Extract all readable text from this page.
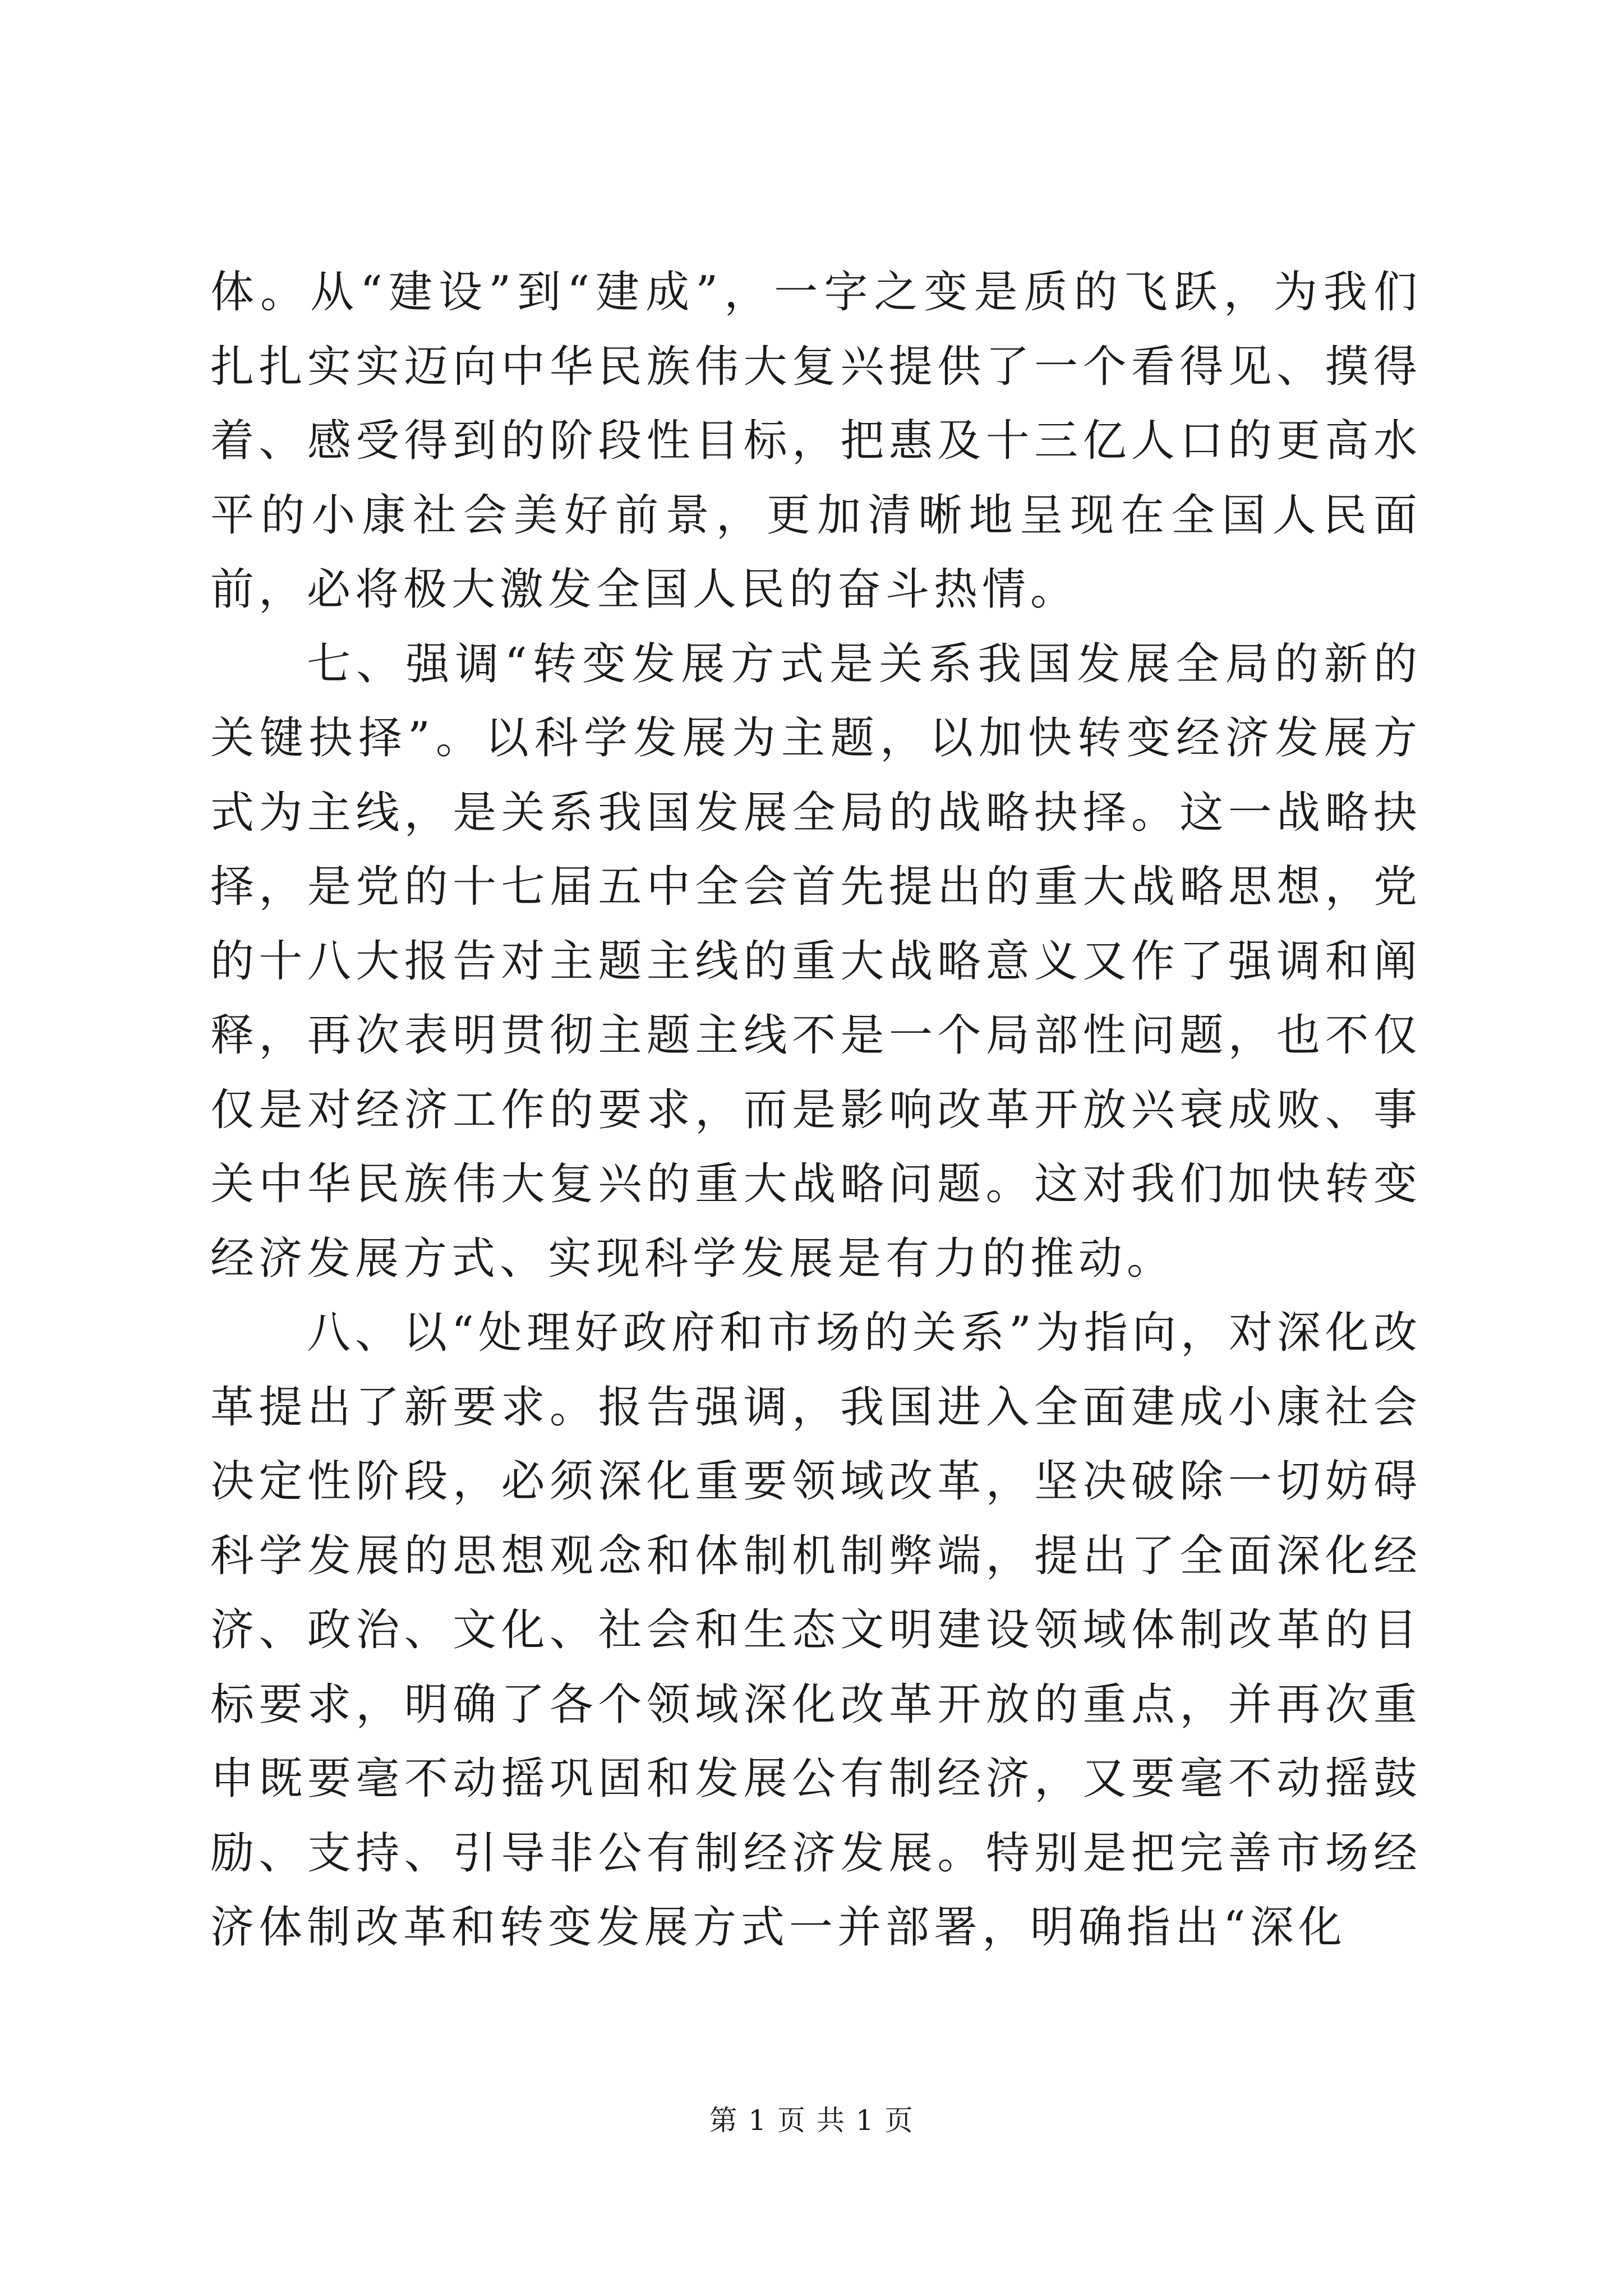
体。从“建设”到“建成”，一字之变是质的飞跃，为我们扎扎实实迈向中华民族伟大复兴提供了一个看得见、摸得着、感受得到的阶段性目标，把惠及十三亿人口的更高水平的小康社会美好前景，更加清晰地呈现在全国人民面前，必将极大激发全国人民的奋斗热情。

七、强调“转变发展方式是关系我国发展全局的新的关键抉择”。以科学发展为主题，以加快转变经济发展方式为主线，是关系我国发展全局的战略抉择。这一战略抉择，是党的十七届五中全会首先提出的重大战略思想，党的十八大报告对主题主线的重大战略意义又作了强调和阐释，再次表明贯彻主题主线不是一个局部性问题，也不仅仅是对经济工作的要求，而是影响改革开放兴衰成败、事关中华民族伟大复兴的重大战略问题。这对我们加快转变经济发展方式、实现科学发展是有力的推动。

八、以“处理好政府和市场的关系”为指向，对深化改革提出了新要求。报告强调，我国进入全面建成小康社会决定性阶段，必须深化重要领域改革，坚决破除一切妨碍科学发展的思想观念和体制机制弊端，提出了全面深化经济、政治、文化、社会和生态文明建设领域体制改革的目标要求，明确了各个领域深化改革开放的重点，并再次重申既要毫不动摇巩固和发展公有制经济，又要毫不动摇鼓励、支持、引导非公有制经济发展。特别是把完善市场经济体制改革和转变发展方式一并部署，明确指出“深化

第 1 页 共 1 页
